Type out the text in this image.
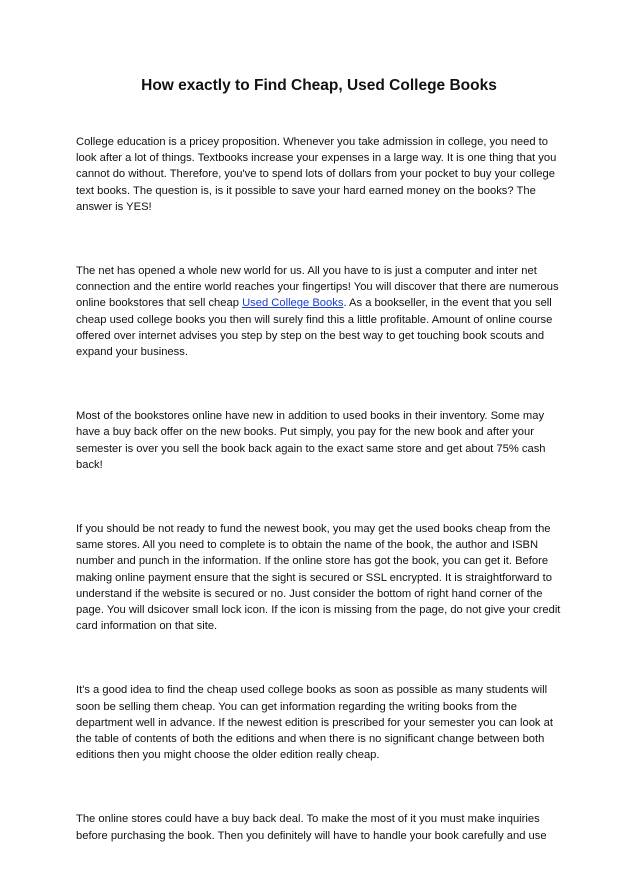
How exactly to Find Cheap, Used College Books

College education is a pricey proposition. Whenever you take admission in college, you need to
look after a lot of things. Textbooks increase your expenses in a large way. It is one thing that you
cannot do without. Therefore, you've to spend lots of dollars from your pocket to buy your college
text books. The question is, is it possible to save your hard earned money on the books? The
answer is YES!

The net has opened a whole new world for us. All you have to is just a computer and inter net
connection and the entire world reaches your fingertips! You will discover that there are numerous
online bookstores that sell cheap Used College Books. As a bookseller, in the event that you sell
cheap used college books you then will surely find this a little profitable. Amount of online course
offered over internet advises you step by step on the best way to get touching book scouts and
expand your business.

Most of the bookstores online have new in addition to used books in their inventory. Some may
have a buy back offer on the new books. Put simply, you pay for the new book and after your
semester is over you sell the book back again to the exact same store and get about 75% cash
back!

If you should be not ready to fund the newest book, you may get the used books cheap from the
same stores. All you need to complete is to obtain the name of the book, the author and ISBN
number and punch in the information. If the online store has got the book, you can get it. Before
making online payment ensure that the sight is secured or SSL encrypted. It is straightforward to
understand if the website is secured or no. Just consider the bottom of right hand corner of the
page. You will dsicover small lock icon. If the icon is missing from the page, do not give your credit
card information on that site.

It's a good idea to find the cheap used college books as soon as possible as many students will
soon be selling them cheap. You can get information regarding the writing books from the
department well in advance. If the newest edition is prescribed for your semester you can look at
the table of contents of both the editions and when there is no significant change between both
editions then you might choose the older edition really cheap.

The online stores could have a buy back deal. To make the most of it you must make inquiries
before purchasing the book. Then you definitely will have to handle your book carefully and use
